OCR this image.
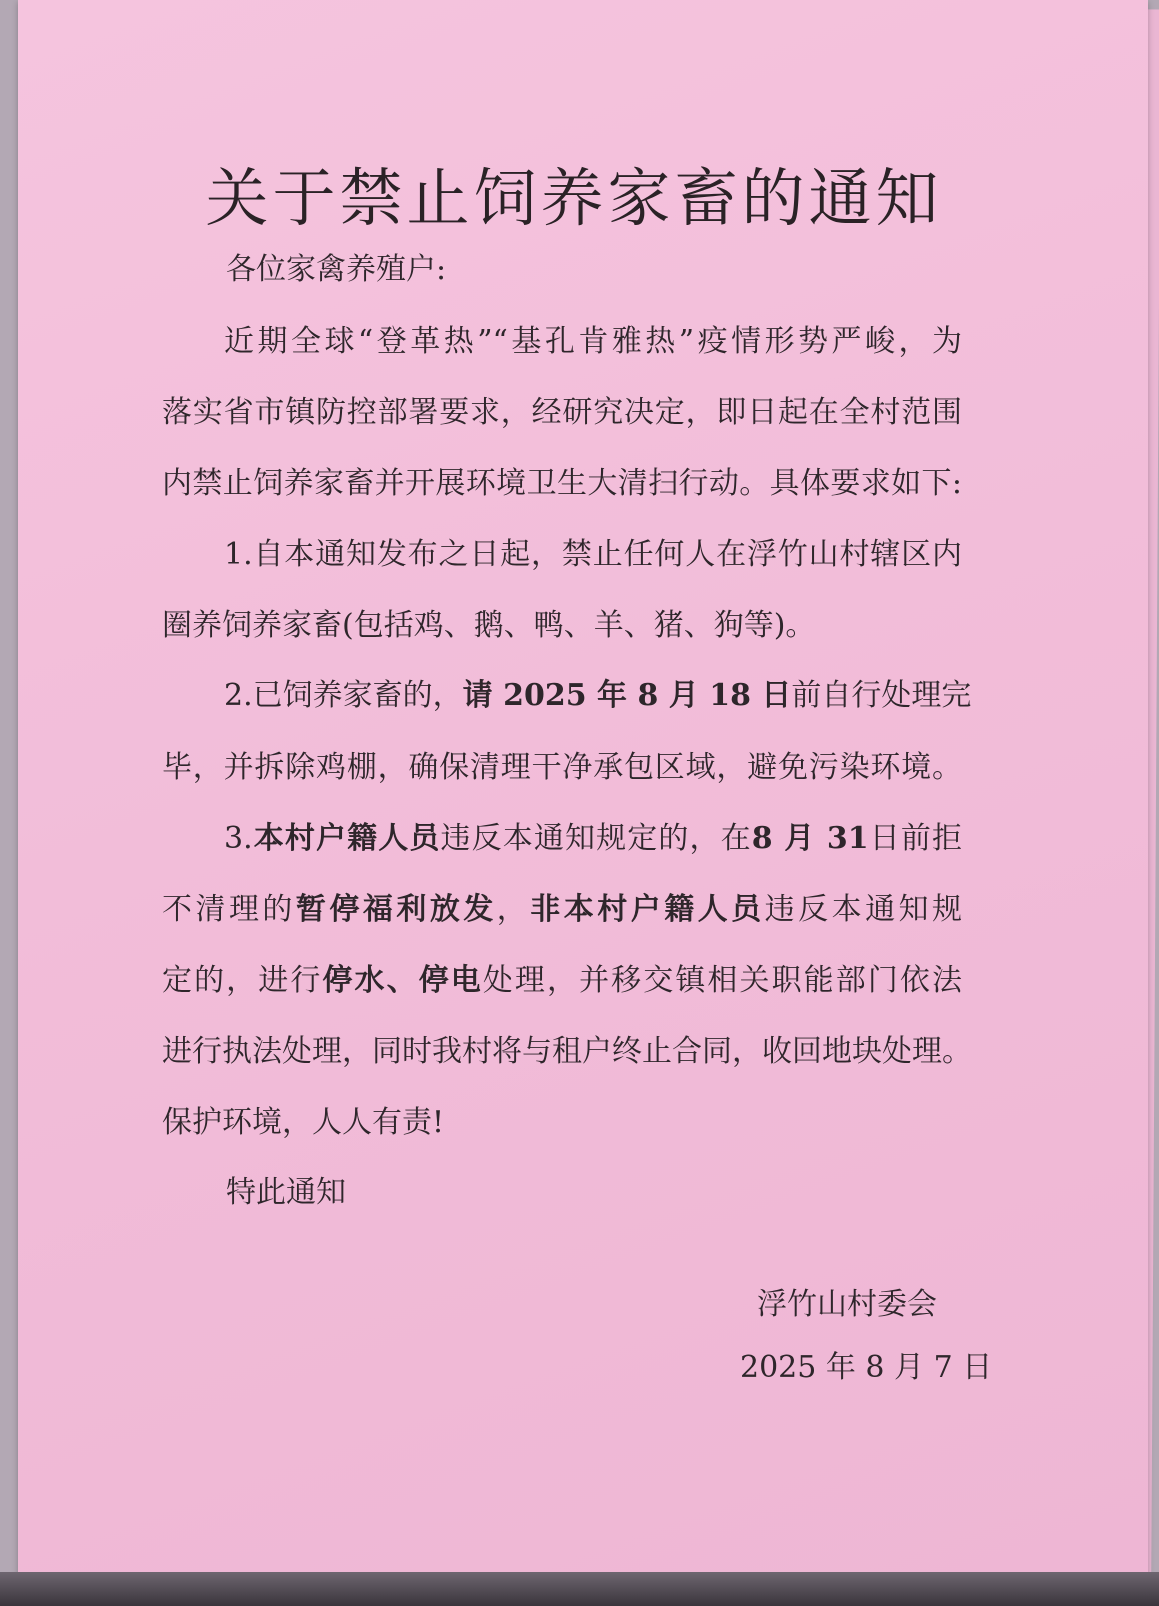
关于禁止饲养家畜的通知
各位家禽养殖户:
近期全球“登革热”“基孔肯雅热”疫情形势严峻，为
落实省市镇防控部署要求，经研究决定，即日起在全村范围
内禁止饲养家畜并开展环境卫生大清扫行动。具体要求如下:
1.自本通知发布之日起，禁止任何人在浮竹山村辖区内
圈养饲养家畜(包括鸡、鹅、鸭、羊、猪、狗等)。
2.已饲养家畜的，请 2025 年 8 月 18 日前自行处理完
毕，并拆除鸡棚，确保清理干净承包区域，避免污染环境。
3.本村户籍人员违反本通知规定的，在8 月 31日前拒
不清理的暂停福利放发，非本村户籍人员违反本通知规
定的，进行停水、停电处理，并移交镇相关职能部门依法
进行执法处理，同时我村将与租户终止合同，收回地块处理。
保护环境，人人有责!
特此通知
浮竹山村委会
2025 年 8 月 7 日
